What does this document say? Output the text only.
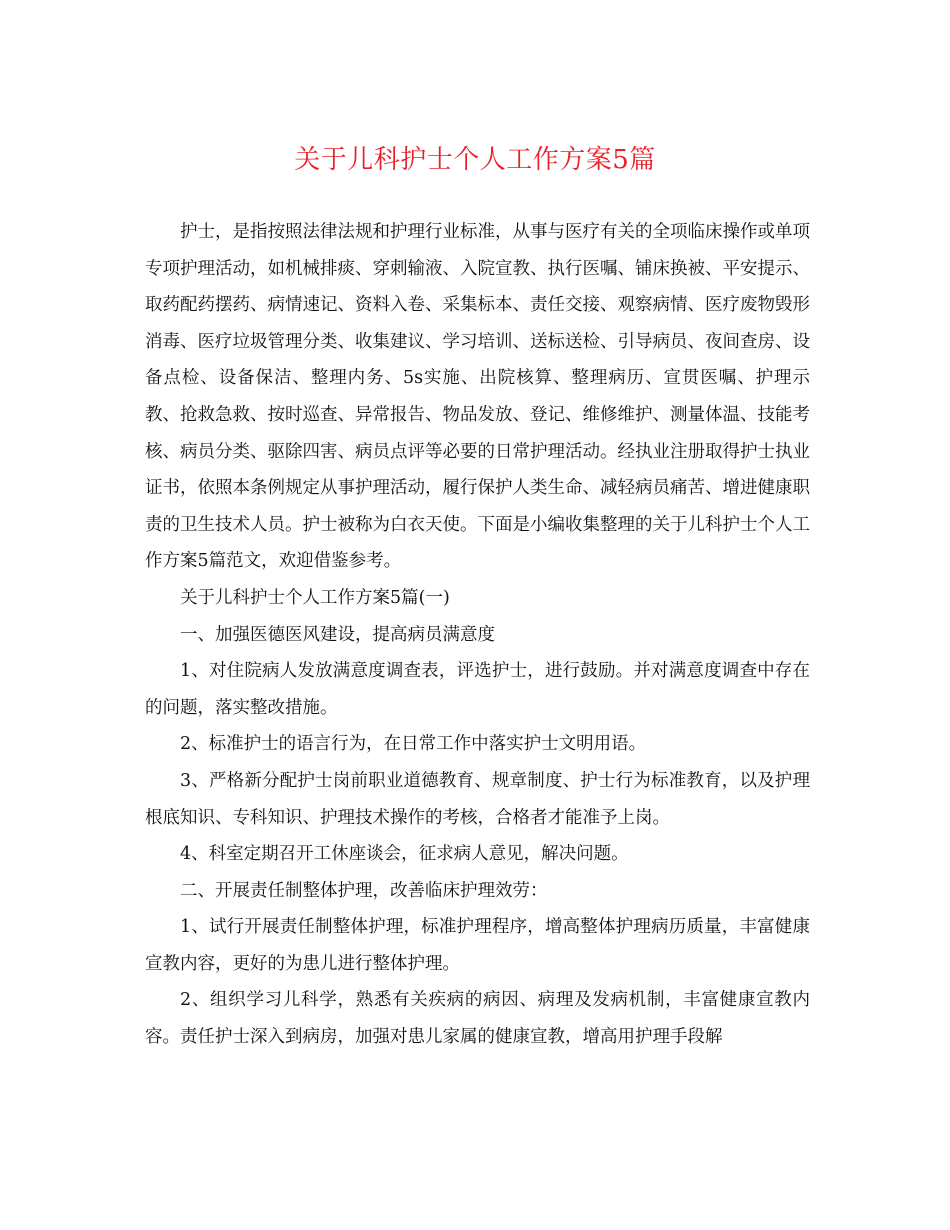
关于儿科护士个人工作方案5篇

护士，是指按照法律法规和护理行业标准，从事与医疗有关的全项临床操作或单项专项护理活动，如机械排痰、穿刺输液、入院宣教、执行医嘱、铺床换被、平安提示、取药配药摆药、病情速记、资料入卷、采集标本、责任交接、观察病情、医疗废物毁形消毒、医疗垃圾管理分类、收集建议、学习培训、送标送检、引导病员、夜间查房、设备点检、设备保洁、整理内务、5s实施、出院核算、整理病历、宣贯医嘱、护理示教、抢救急救、按时巡查、异常报告、物品发放、登记、维修维护、测量体温、技能考核、病员分类、驱除四害、病员点评等必要的日常护理活动。经执业注册取得护士执业证书，依照本条例规定从事护理活动，履行保护人类生命、减轻病员痛苦、增进健康职责的卫生技术人员。护士被称为白衣天使。下面是小编收集整理的关于儿科护士个人工作方案5篇范文，欢迎借鉴参考。

关于儿科护士个人工作方案5篇(一)

一、加强医德医风建设，提高病员满意度

1、对住院病人发放满意度调查表，评选护士，进行鼓励。并对满意度调查中存在的问题，落实整改措施。

2、标准护士的语言行为，在日常工作中落实护士文明用语。

3、严格新分配护士岗前职业道德教育、规章制度、护士行为标准教育，以及护理根底知识、专科知识、护理技术操作的考核，合格者才能准予上岗。

4、科室定期召开工休座谈会，征求病人意见，解决问题。

二、开展责任制整体护理，改善临床护理效劳：

1、试行开展责任制整体护理，标准护理程序，增高整体护理病历质量，丰富健康宣教内容，更好的为患儿进行整体护理。

2、组织学习儿科学，熟悉有关疾病的病因、病理及发病机制，丰富健康宣教内容。责任护士深入到病房，加强对患儿家属的健康宣教，增高用护理手段解
